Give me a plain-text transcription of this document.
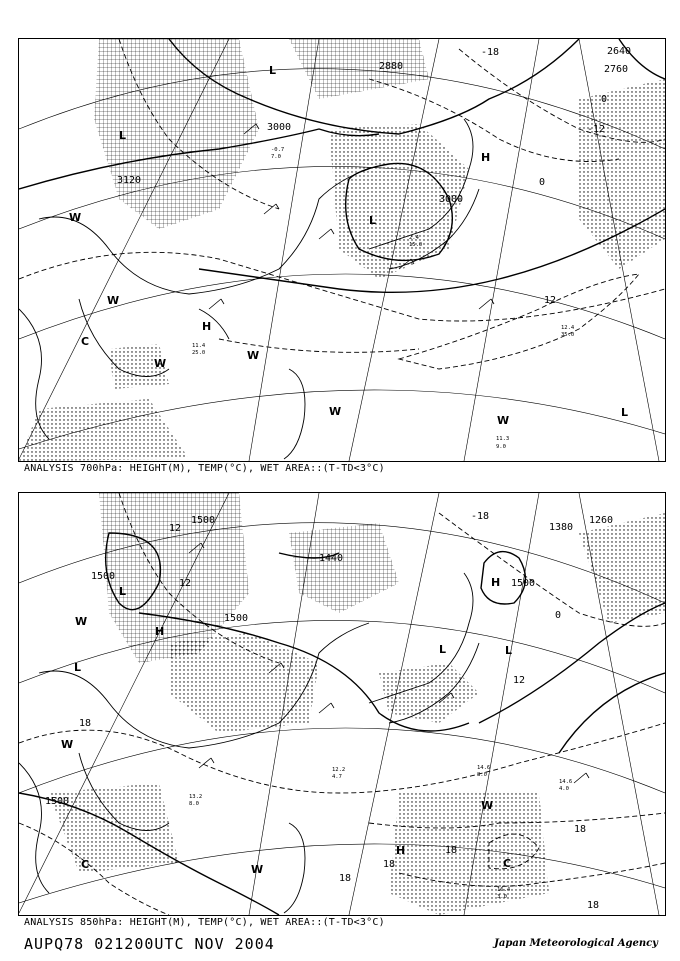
3120
3000
3000
2880	2760
2640
-18
-12
0
0
12
L
L
L
L
H
H
W
W
W
W
W
W
C
11.3
9.0
12.4
35.0
11.4
25.0
-0.7
7.0
2.4
15.0
ANALYSIS 700hPa: HEIGHT(M), TEMP(°C), WET AREA::(T-TD<3°C)
1500
1500
1500
1500
1500
1380
1260
1440
-18
12
12
0
12
18
18
18
18
18
18
L
L
L	L
H
H
H
W
W
W
W
C	C
14.6
8.0
14.6
4.0
13.2
8.0
16.4
3.0
12.2
4.7
ANALYSIS 850hPa: HEIGHT(M), TEMP(°C), WET AREA::(T-TD<3°C)
AUPQ78 021200UTC NOV 2004	Japan Meteorological Agency
